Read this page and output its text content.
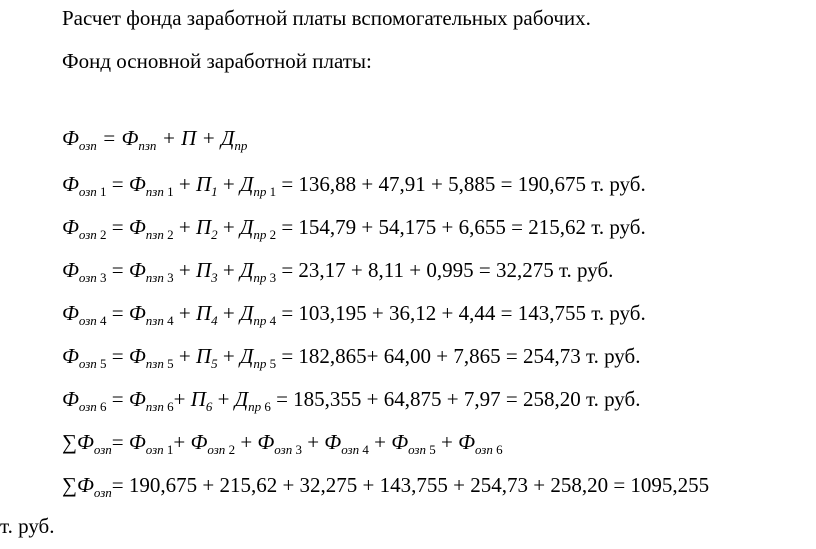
Расчет фонда заработной платы вспомогательных рабочих.
Фонд основной заработной платы:
$Ф_{озп} = Ф_{пзп} + П + Д_{пр}$
$Ф_{озп 1} = Ф_{пзп 1} + П_1 + Д_{пр 1} = 136,88 + 47,91 + 5,885 = 190,675$ т. руб.
$Ф_{озп 2} = Ф_{пзп 2} + П_2 + Д_{пр 2} = 154,79 + 54,175 + 6,655 = 215,62$ т. руб.
$Ф_{озп 3} = Ф_{пзп 3} + П_3 + Д_{пр 3} = 23,17 + 8,11 + 0,995 = 32,275$ т. руб.
$Ф_{озп 4} = Ф_{пзп 4} + П_4 + Д_{пр 4} = 103,195 + 36,12 + 4,44 = 143,755$ т. руб.
$Ф_{озп 5} = Ф_{пзп 5} + П_5 + Д_{пр 5} = 182,865+ 64,00 + 7,865 = 254,73$ т. руб.
$Ф_{озп 6} = Ф_{пзп 6}+ П_6 + Д_{пр 6} = 185,355 + 64,875 + 7,97 = 258,20$ т. руб.
$\sum Ф_{озп}= Ф_{озп 1}+ Ф_{озп 2} + Ф_{озп 3} + Ф_{озп 4} + Ф_{озп 5} + Ф_{озп 6}$
$\sum Ф_{озп}= 190,675 + 215,62 + 32,275 + 143,755 + 254,73 + 258,20 = 1095,255$
т. руб.
